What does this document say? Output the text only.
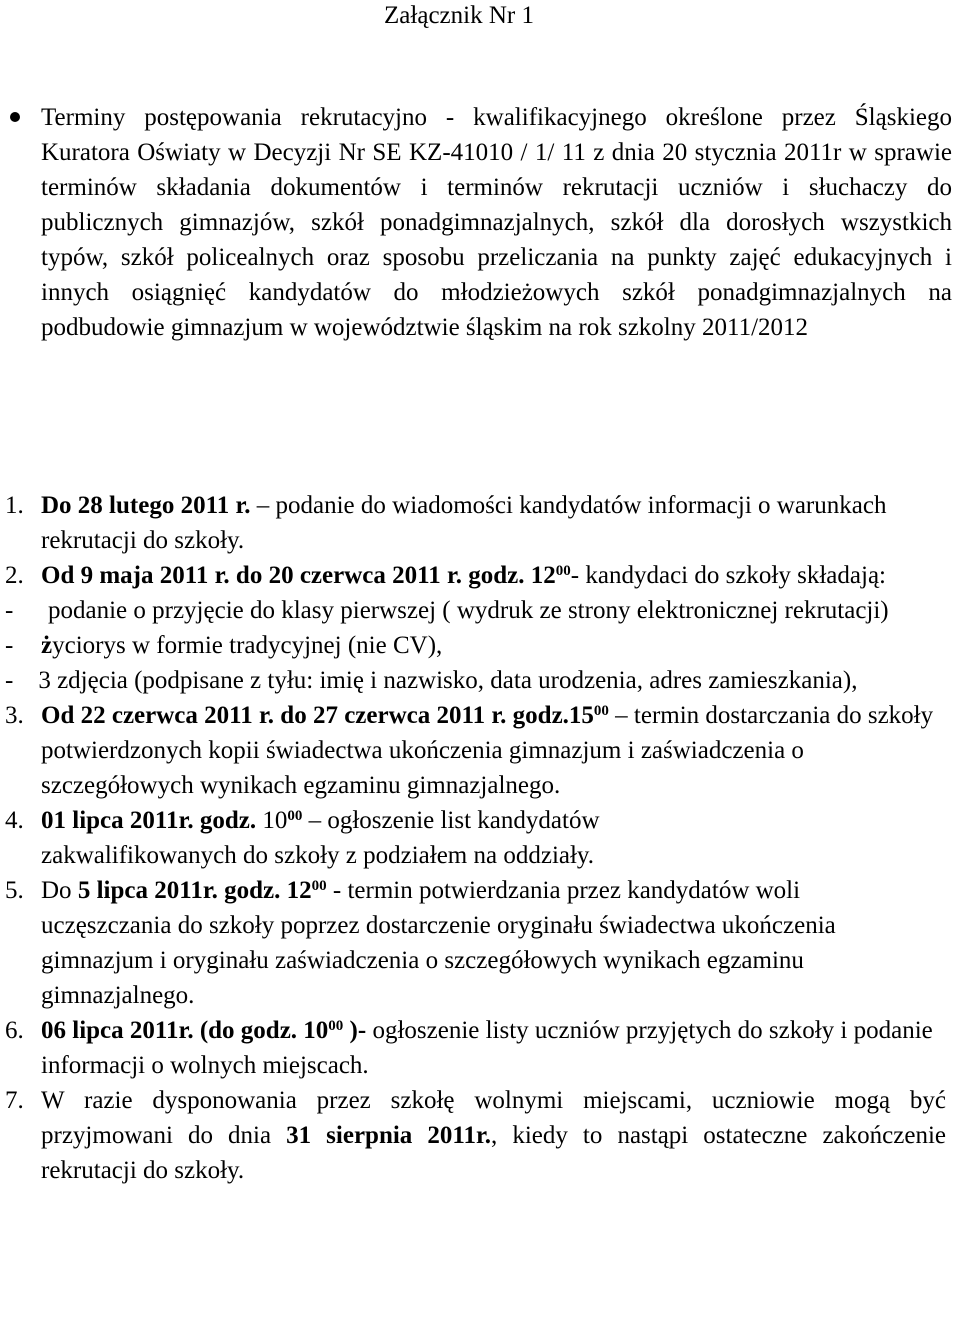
Załącznik Nr 1
Terminy postępowania rekrutacyjno - kwalifikacyjnego określone przez Śląskiego Kuratora Oświaty w Decyzji Nr SE KZ-41010 / 1/ 11 z dnia 20 stycznia 2011r w sprawie terminów składania dokumentów i terminów rekrutacji uczniów i słuchaczy do publicznych gimnazjów, szkół ponadgimnazjalnych, szkół dla dorosłych wszystkich typów, szkół policealnych oraz sposobu przeliczania na punkty zajęć edukacyjnych i innych osiągnięć kandydatów do młodzieżowych szkół ponadgimnazjalnych na podbudowie gimnazjum w województwie śląskim na rok szkolny 2011/2012
1. Do 28 lutego 2011 r. – podanie do wiadomości kandydatów informacji o warunkach rekrutacji do szkoły.
2. Od 9 maja 2011 r. do 20 czerwca 2011 r. godz. $12^{00}-$ kandydaci do szkoły składają:
- podanie o przyjęcie do klasy pierwszej ( wydruk ze strony elektronicznej rekrutacji)
- życiorys w formie tradycyjnej (nie CV),
- 3 zdjęcia (podpisane z tyłu: imię i nazwisko, data urodzenia, adres zamieszkania),
3. Od 22 czerwca 2011 r. do 27 czerwca 2011 r. $godz.15^{00}$ – termin dostarczania do szkoły potwierdzonych kopii świadectwa ukończenia gimnazjum i zaświadczenia o szczegółowych wynikach egzaminu gimnazjalnego.
4. 01 lipca 2011r. godz. $10^{00}$ – ogłoszenie list kandydatów zakwalifikowanych do szkoły z podziałem na oddziały.
5. Do 5 lipca 2011r. godz. $12^{00}$ - termin potwierdzania przez kandydatów woli uczęszczania do szkoły poprzez dostarczenie oryginału świadectwa ukończenia gimnazjum i oryginału zaświadczenia o szczegółowych wynikach egzaminu gimnazjalnego.
6. 06 lipca 2011r. (do godz. $10^{00}$ )- ogłoszenie listy uczniów przyjętych do szkoły i podanie informacji o wolnych miejscach.
7. W razie dysponowania przez szkołę wolnymi miejscami, uczniowie mogą być przyjmowani do dnia 31 sierpnia 2011r., kiedy to nastąpi ostateczne zakończenie rekrutacji do szkoły.
